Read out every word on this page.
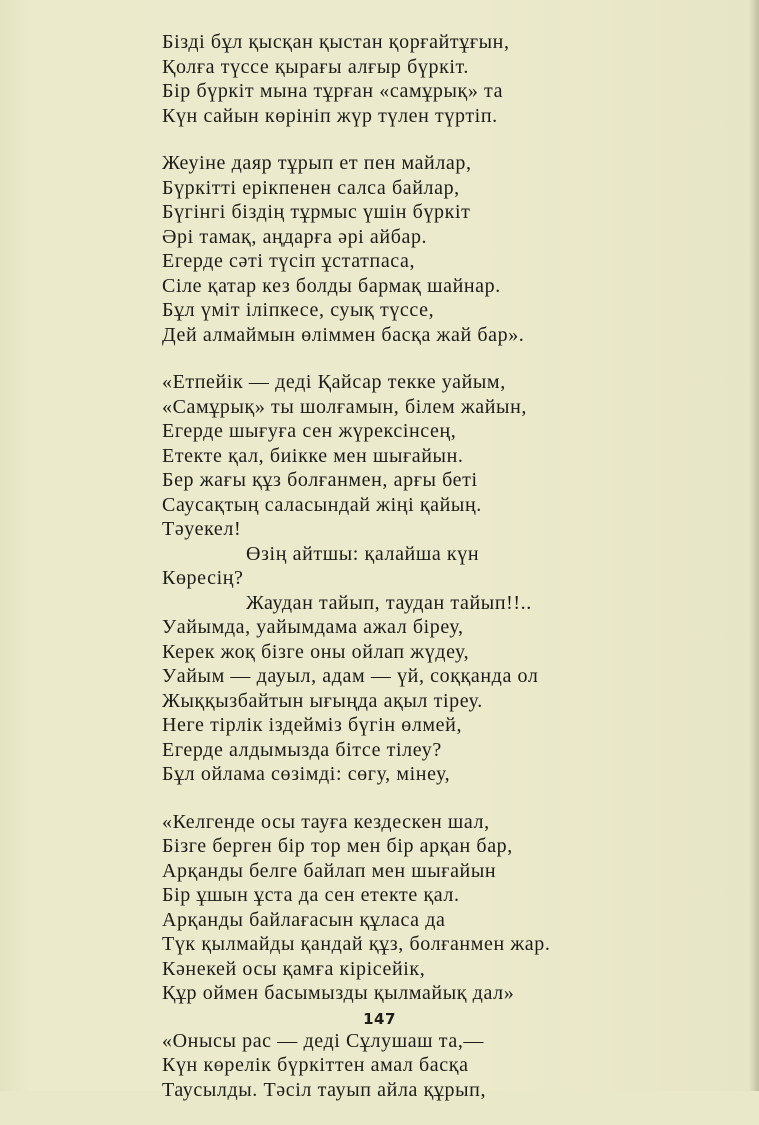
Бізді бұл қысқан қыстан қорғайтұғын,
Қолға түссе қырағы алғыр бүркіт.
Бір бүркіт мына тұрған «самұрық» та
Күн сайын көрініп жүр түлен түртіп.
Жеуіне даяр тұрып ет пен майлар,
Бүркітті ерікпенен салса байлар,
Бүгінгі біздің тұрмыс үшін бүркіт
Әрі тамақ, аңдарға әрі айбар.
Егерде сәті түсіп ұстатпаса,
Сіле қатар кез болды бармақ шайнар.
Бұл үміт іліпкесе, суық түссе,
Дей алмаймын өліммен басқа жай бар».
«Етпейік — деді Қайсар текке уайым,
«Самұрық» ты шолғамын, білем жайын,
Егерде шығуға сен жүрексінсең,
Етекте қал, биікке мен шығайын.
Бер жағы құз болғанмен, арғы беті
Саусақтың саласындай жіңі қайың.
Тәуекел!
Өзің айтшы: қалайша күн
Көресің?
Жаудан тайып, таудан тайып!!..
Уайымда, уайымдама ажал біреу,
Керек жоқ бізге оны ойлап жүдеу,
Уайым — дауыл, адам — үй, соққанда ол
Жыққызбайтын ығыңда ақыл тіреу.
Неге тірлік іздейміз бүгін өлмей,
Егерде алдымызда бітсе тілеу?
Бұл ойлама сөзімді: сөгу, мінеу,
«Келгенде осы тауға кездескен шал,
Бізге берген бір тор мен бір арқан бар,
Арқанды белге байлап мен шығайын
Бір ұшын ұста да сен етекте қал.
Арқанды байлағасын құласа да
Түк қылмайды қандай құз, болғанмен жар.
Кәнекей осы қамға кірісейік,
Құр оймен басымызды қылмайық дал»
«Онысы рас — деді Сұлушаш та,—
Күн көрелік бүркіттен амал басқа
Таусылды. Тәсіл тауып айла құрып,
147
